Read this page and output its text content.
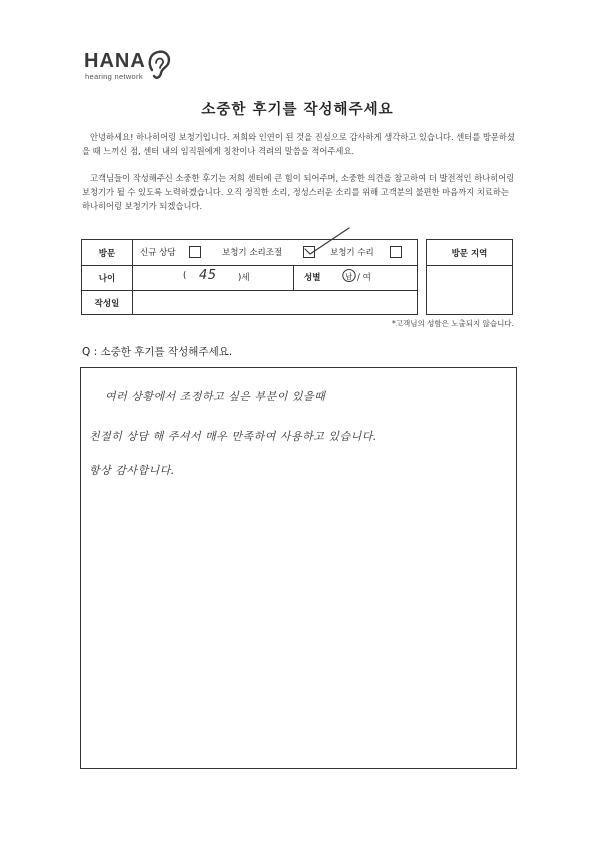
HANA
hearing network
소중한 후기를 작성해주세요
안녕하세요! 하나히어링 보청기입니다. 저희와 인연이 된 것을 진심으로 감사하게 생각하고 있습니다. 센터를 방문하셨을 때 느끼신 점, 센터 내의 임직원에게 칭찬이나 격려의 말씀을 적어주세요.
고객님들이 작성해주신 소중한 후기는 저희 센터에 큰 힘이 되어주며, 소중한 의견을 참고하여 더 발전적인 하나히어링 보청기가 될 수 있도록 노력하겠습니다. 오직 정직한 소리, 정성스러운 소리를 위해 고객분의 불편한 마음까지 치료하는 하나히어링 보청기가 되겠습니다.
방문	신규 상담	보청기 소리조절	보청기 수리
나이	( 45	)세	성별	남 / 여
작성일
방문 지역
*고객님의 성함은 노출되지 않습니다.
Q : 소중한 후기를 작성해주세요.
여러 상황에서 조정하고 싶은 부분이 있을때
친절히 상담 해 주셔서 매우 만족하여 사용하고 있습니다.
항상 감사합니다.
